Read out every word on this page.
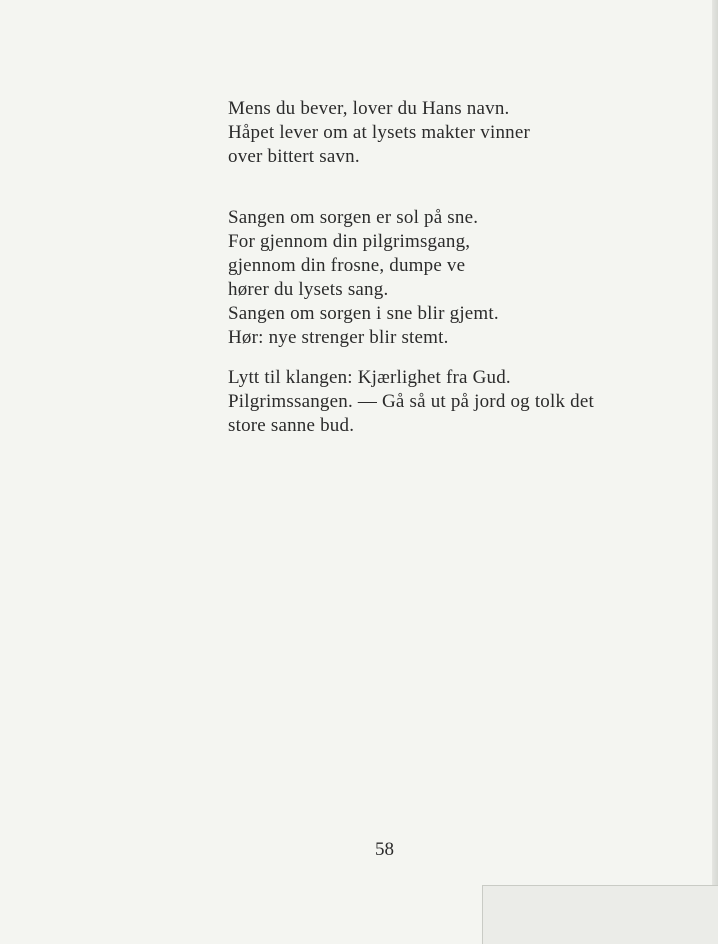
Mens du bever, lover du Hans navn.
Håpet lever om at lysets makter vinner
over bittert savn.
Sangen om sorgen er sol på sne.
For gjennom din pilgrimsgang,
gjennom din frosne, dumpe ve
hører du lysets sang.
Sangen om sorgen i sne blir gjemt.
Hør: nye strenger blir stemt.
Lytt til klangen: Kjærlighet fra Gud.
Pilgrimssangen. — Gå så ut på jord og tolk det
store sanne bud.
58
